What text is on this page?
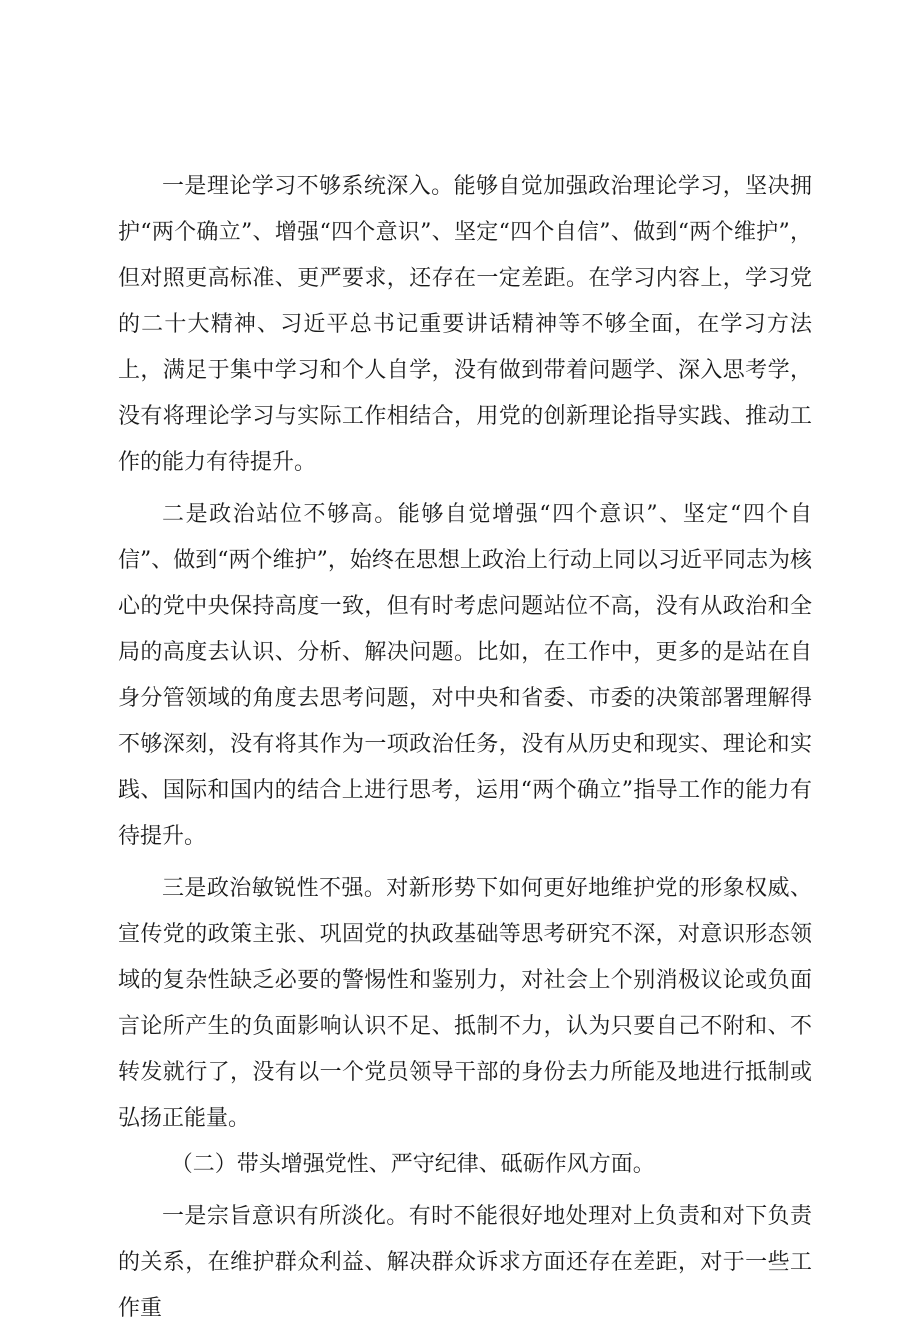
一是理论学习不够系统深入。能够自觉加强政治理论学习，坚决拥护“两个确立”、增强“四个意识”、坚定“四个自信”、做到“两个维护”，但对照更高标准、更严要求，还存在一定差距。在学习内容上，学习党的二十大精神、习近平总书记重要讲话精神等不够全面，在学习方法上，满足于集中学习和个人自学，没有做到带着问题学、深入思考学，没有将理论学习与实际工作相结合，用党的创新理论指导实践、推动工作的能力有待提升。

二是政治站位不够高。能够自觉增强“四个意识”、坚定“四个自信”、做到“两个维护”，始终在思想上政治上行动上同以习近平同志为核心的党中央保持高度一致，但有时考虑问题站位不高，没有从政治和全局的高度去认识、分析、解决问题。比如，在工作中，更多的是站在自身分管领域的角度去思考问题，对中央和省委、市委的决策部署理解得不够深刻，没有将其作为一项政治任务，没有从历史和现实、理论和实践、国际和国内的结合上进行思考，运用“两个确立”指导工作的能力有待提升。

三是政治敏锐性不强。对新形势下如何更好地维护党的形象权威、宣传党的政策主张、巩固党的执政基础等思考研究不深，对意识形态领域的复杂性缺乏必要的警惕性和鉴别力，对社会上个别消极议论或负面言论所产生的负面影响认识不足、抵制不力，认为只要自己不附和、不转发就行了，没有以一个党员领导干部的身份去力所能及地进行抵制或弘扬正能量。

（二）带头增强党性、严守纪律、砥砺作风方面。

一是宗旨意识有所淡化。有时不能很好地处理对上负责和对下负责的关系，在维护群众利益、解决群众诉求方面还存在差距，对于一些工作重
